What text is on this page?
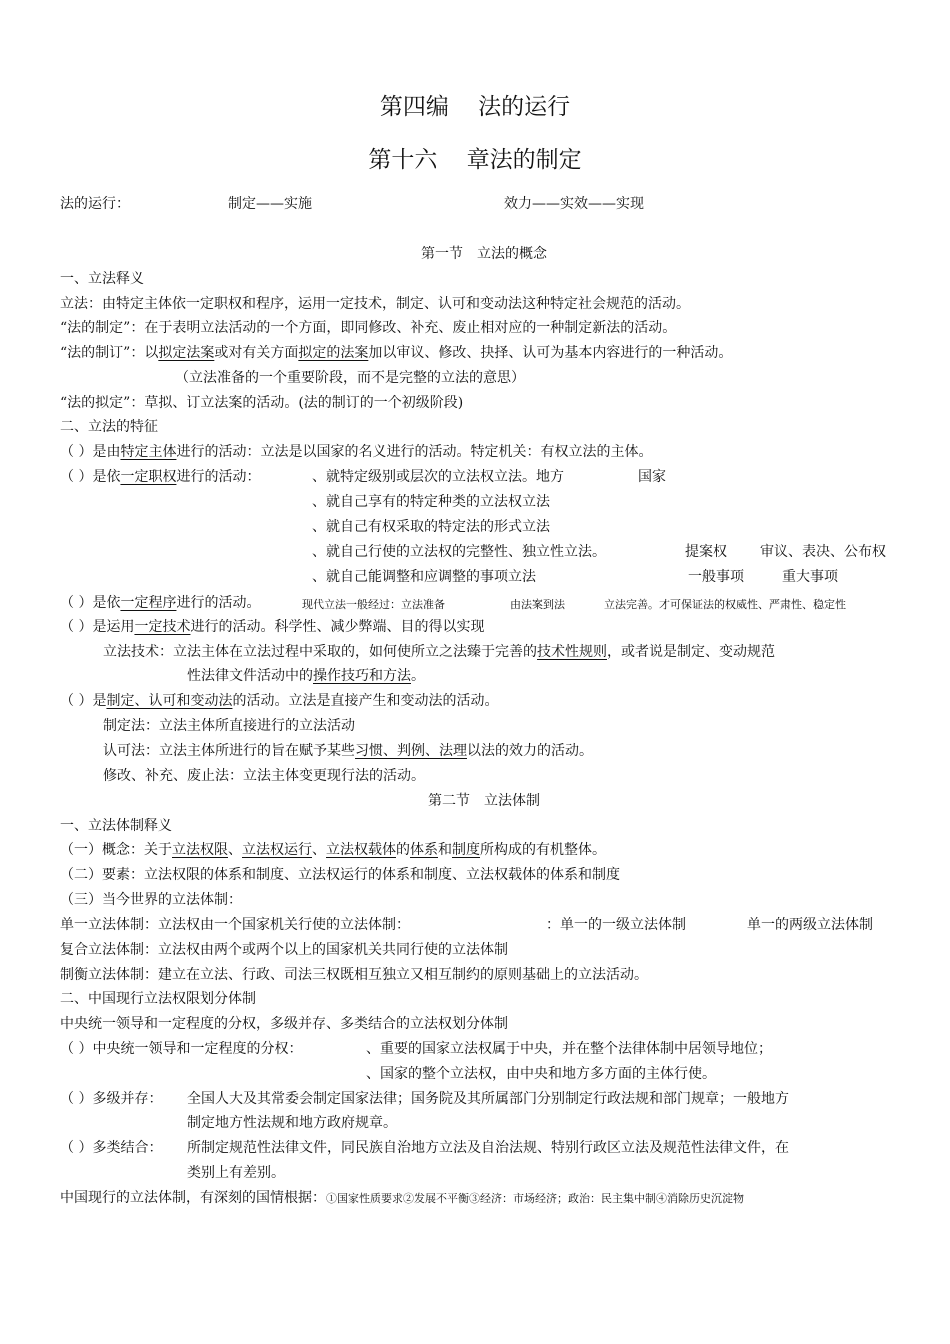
第四编 法的运行
第十六 章法的制定
法的运行：	制定——实施	效力——实效——实现
第一节　立法的概念
一、立法释义
立法：由特定主体依一定职权和程序，运用一定技术，制定、认可和变动法这种特定社会规范的活动。
“法的制定”：在于表明立法活动的一个方面，即同修改、补充、废止相对应的一种制定新法的活动。
“法的制订”：以拟定法案或对有关方面拟定的法案加以审议、修改、抉择、认可为基本内容进行的一种活动。
（立法准备的一个重要阶段，而不是完整的立法的意思）
“法的拟定”：草拟、订立法案的活动。(法的制订的一个初级阶段)
二、立法的特征
（ ）是由特定主体进行的活动：立法是以国家的名义进行的活动。特定机关：有权立法的主体。
（ ）是依一定职权进行的活动：	、就特定级别或层次的立法权立法。地方	国家
、就自己享有的特定种类的立法权立法
、就自己有权采取的特定法的形式立法
、就自己行使的立法权的完整性、独立性立法。	提案权 审议、表决、公布权
、就自己能调整和应调整的事项立法	一般事项	重大事项
（ ）是依一定程序进行的活动。	现代立法一般经过：立法准备	由法案到法	立法完善。才可保证法的权威性、严肃性、稳定性
（ ）是运用一定技术进行的活动。科学性、减少弊端、目的得以实现
立法技术：立法主体在立法过程中采取的，如何使所立之法臻于完善的技术性规则，或者说是制定、变动规范
性法律文件活动中的操作技巧和方法。
（ ）是制定、认可和变动法的活动。立法是直接产生和变动法的活动。
制定法：立法主体所直接进行的立法活动
认可法：立法主体所进行的旨在赋予某些习惯、判例、法理以法的效力的活动。
修改、补充、废止法：立法主体变更现行法的活动。
第二节　立法体制
一、立法体制释义
（一）概念：关于立法权限、立法权运行、立法权载体的体系和制度所构成的有机整体。
（二）要素：立法权限的体系和制度、立法权运行的体系和制度、立法权载体的体系和制度
（三）当今世界的立法体制：
单一立法体制：立法权由一个国家机关行使的立法体制：	：单一的一级立法体制	单一的两级立法体制
复合立法体制：立法权由两个或两个以上的国家机关共同行使的立法体制
制衡立法体制：建立在立法、行政、司法三权既相互独立又相互制约的原则基础上的立法活动。
二、中国现行立法权限划分体制
中央统一领导和一定程度的分权，多级并存、多类结合的立法权划分体制
（ ）中央统一领导和一定程度的分权：	、重要的国家立法权属于中央，并在整个法律体制中居领导地位；
、国家的整个立法权，由中央和地方多方面的主体行使。
（ ）多级并存： 全国人大及其常委会制定国家法律；国务院及其所属部门分别制定行政法规和部门规章；一般地方
制定地方性法规和地方政府规章。
（ ）多类结合： 所制定规范性法律文件，同民族自治地方立法及自治法规、特别行政区立法及规范性法律文件，在
类别上有差别。
中国现行的立法体制，有深刻的国情根据：①国家性质要求②发展不平衡③经济：市场经济；政治：民主集中制④消除历史沉淀物
